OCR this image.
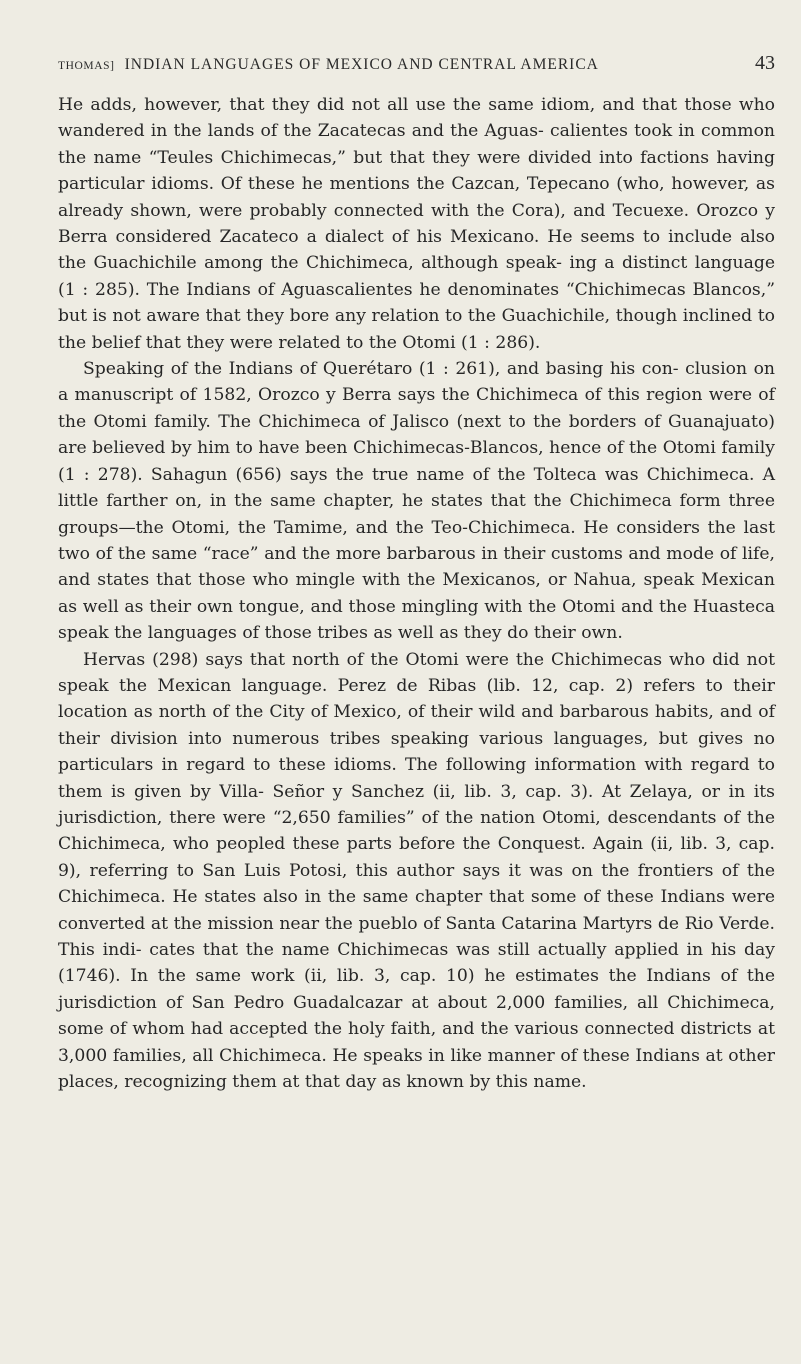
THOMAS] INDIAN LANGUAGES OF MEXICO AND CENTRAL AMERICA	43

He adds, however, that they did not all use the same idiom, and that those who wandered in the lands of the Zacatecas and the Aguas- calientes took in common the name “Teules Chichimecas,” but that they were divided into factions having particular idioms. Of these he mentions the Cazcan, Tepecano (who, however, as already shown, were probably connected with the Cora), and Tecuexe. Orozco y Berra considered Zacateco a dialect of his Mexicano. He seems to include also the Guachichile among the Chichimeca, although speak- ing a distinct language (1 : 285). The Indians of Aguascalientes he denominates “Chichimecas Blancos,” but is not aware that they bore any relation to the Guachichile, though inclined to the belief that they were related to the Otomi (1 : 286).

Speaking of the Indians of Querétaro (1 : 261), and basing his con- clusion on a manuscript of 1582, Orozco y Berra says the Chichimeca of this region were of the Otomi family. The Chichimeca of Jalisco (next to the borders of Guanajuato) are believed by him to have been Chichimecas-Blancos, hence of the Otomi family (1 : 278). Sahagun (656) says the true name of the Tolteca was Chichimeca. A little farther on, in the same chapter, he states that the Chichimeca form three groups—the Otomi, the Tamime, and the Teo-Chichimeca. He considers the last two of the same “race” and the more barbarous in their customs and mode of life, and states that those who mingle with the Mexicanos, or Nahua, speak Mexican as well as their own tongue, and those mingling with the Otomi and the Huasteca speak the languages of those tribes as well as they do their own.

Hervas (298) says that north of the Otomi were the Chichimecas who did not speak the Mexican language. Perez de Ribas (lib. 12, cap. 2) refers to their location as north of the City of Mexico, of their wild and barbarous habits, and of their division into numerous tribes speaking various languages, but gives no particulars in regard to these idioms. The following information with regard to them is given by Villa- Señor y Sanchez (ii, lib. 3, cap. 3). At Zelaya, or in its jurisdiction, there were “2,650 families” of the nation Otomi, descendants of the Chichimeca, who peopled these parts before the Conquest. Again (ii, lib. 3, cap. 9), referring to San Luis Potosi, this author says it was on the frontiers of the Chichimeca. He states also in the same chapter that some of these Indians were converted at the mission near the pueblo of Santa Catarina Martyrs de Rio Verde. This indi- cates that the name Chichimecas was still actually applied in his day (1746). In the same work (ii, lib. 3, cap. 10) he estimates the Indians of the jurisdiction of San Pedro Guadalcazar at about 2,000 families, all Chichimeca, some of whom had accepted the holy faith, and the various connected districts at 3,000 families, all Chichimeca. He speaks in like manner of these Indians at other places, recognizing them at that day as known by this name.
